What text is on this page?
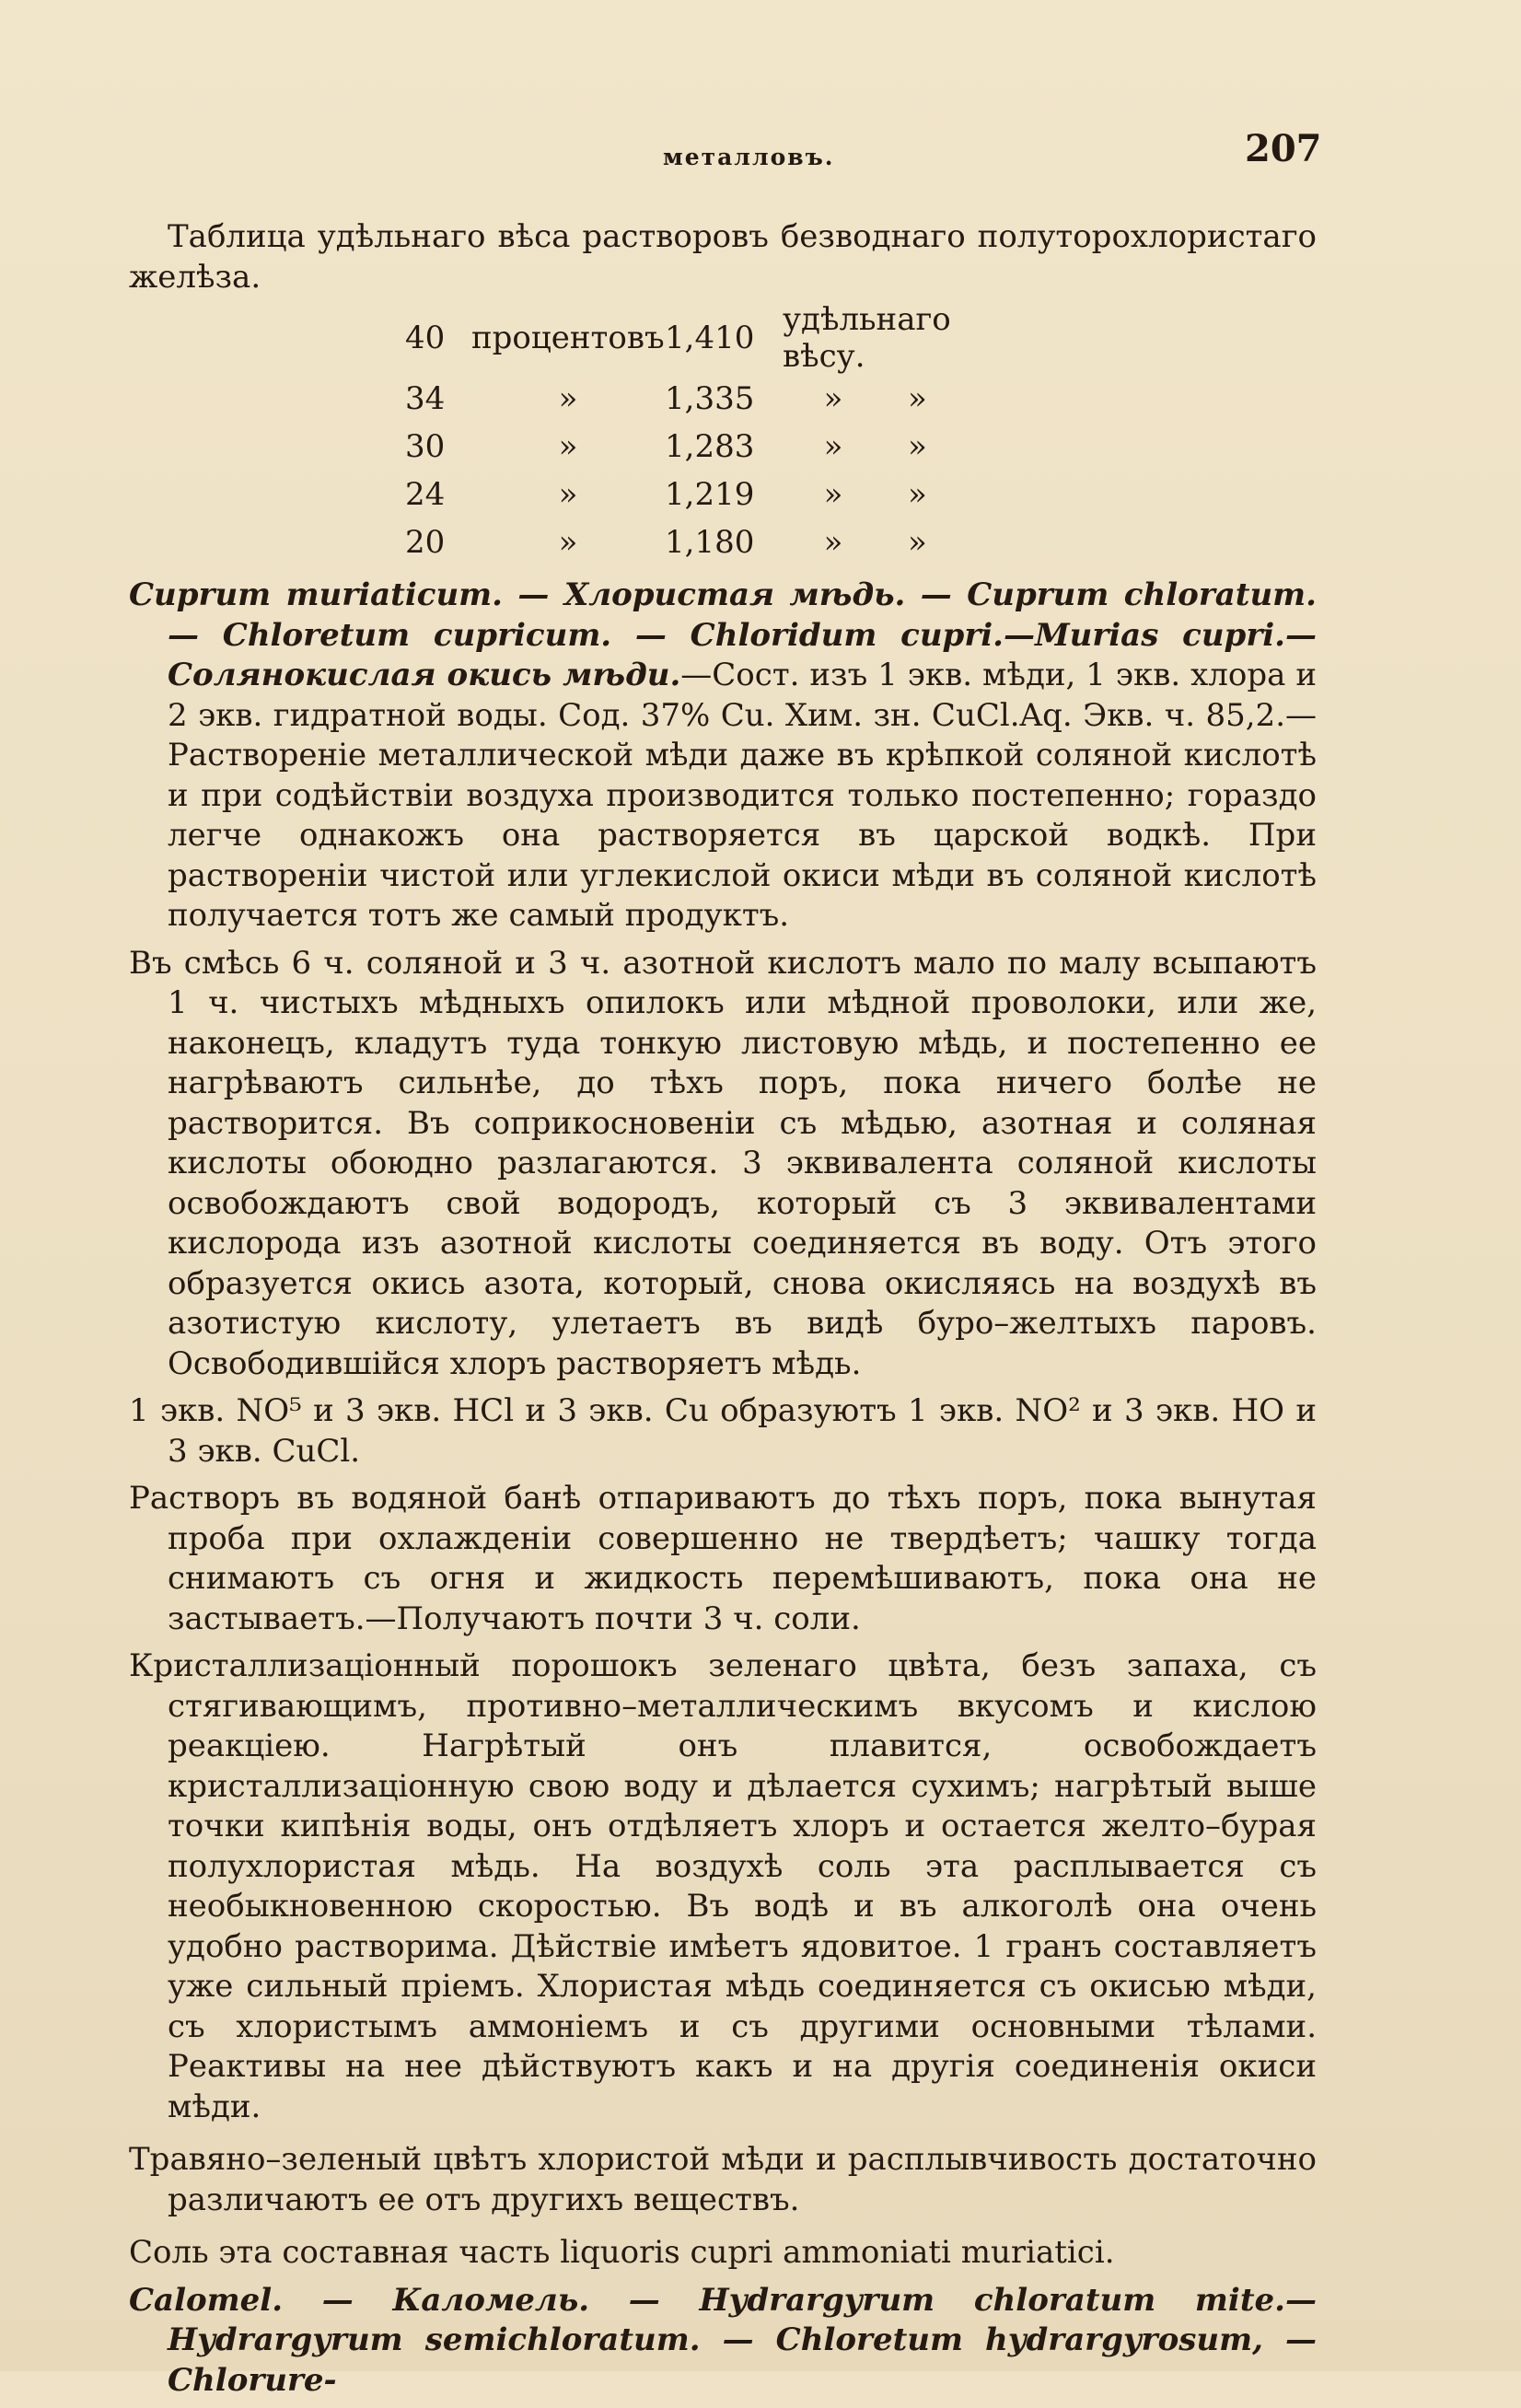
металловъ.	207

Таблица удѣльнаго вѣса растворовъ безводнаго полуторохлористаго желѣза.

40	процентовъ	1,410	удѣльнаго вѣсу.	
34	»	1,335	»	»
30	»	1,283	»	»
24	»	1,219	»	»
20	»	1,180	»	»

Cuprum muriaticum. — Хлористая мѣдь. — Cuprum chloratum.— Chloretum cupricum. — Chloridum cupri.—Murias cupri.—Солянокислая окись мѣди.—Сост. изъ 1 экв. мѣди, 1 экв. хлора и 2 экв. гидратной воды. Сод. 37% Cu. Хим. зн. CuCl.Aq. Экв. ч. 85,2.—Растворенiе металлической мѣди даже въ крѣпкой соляной кислотѣ и при содѣйствiи воздуха производится только постепенно; гораздо легче однакожъ она растворяется въ царской водкѣ. При растворенiи чистой или углекислой окиси мѣди въ соляной кислотѣ получается тотъ же самый продуктъ.

Въ смѣсь 6 ч. соляной и 3 ч. азотной кислотъ мало по малу всыпаютъ 1 ч. чистыхъ мѣдныхъ опилокъ или мѣдной проволоки, или же, наконецъ, кладутъ туда тонкую листовую мѣдь, и постепенно ее нагрѣваютъ сильнѣе, до тѣхъ поръ, пока ничего болѣе не растворится. Въ соприкосновенiи съ мѣдью, азотная и соляная кислоты обоюдно разлагаются. 3 эквивалента соляной кислоты освобождаютъ свой водородъ, который съ 3 эквивалентами кислорода изъ азотной кислоты соединяется въ воду. Отъ этого образуется окись азота, который, снова окисляясь на воздухѣ въ азотистую кислоту, улетаетъ въ видѣ буро–желтыхъ паровъ. Освободившiйся хлоръ растворяетъ мѣдь.

1 экв. NO⁵ и 3 экв. HCl и 3 экв. Cu образуютъ 1 экв. NO² и 3 экв. HO и 3 экв. CuCl.

Растворъ въ водяной банѣ отпариваютъ до тѣхъ поръ, пока вынутая проба при охлажденiи совершенно не твердѣетъ; чашку тогда снимаютъ съ огня и жидкость перемѣшиваютъ, пока она не застываетъ.—Получаютъ почти 3 ч. соли.

Кристаллизацiонный порошокъ зеленаго цвѣта, безъ запаха, съ стягивающимъ, противно–металлическимъ вкусомъ и кислою реакцiею. Нагрѣтый онъ плавится, освобождаетъ кристаллизацiонную свою воду и дѣлается сухимъ; нагрѣтый выше точки кипѣнiя воды, онъ отдѣляетъ хлоръ и остается желто–бурая полухлористая мѣдь. На воздухѣ соль эта расплывается съ необыкновенною скоростью. Въ водѣ и въ алкоголѣ она очень удобно растворима. Дѣйствiе имѣетъ ядовитое. 1 гранъ составляетъ уже сильный прiемъ. Хлористая мѣдь соединяется съ окисью мѣди, съ хлористымъ аммонiемъ и съ другими основными тѣлами. Реактивы на нее дѣйствуютъ какъ и на другiя соединенiя окиси мѣди.

Травяно–зеленый цвѣтъ хлористой мѣди и расплывчивость достаточно различаютъ ее отъ другихъ веществъ.

Соль эта составная часть liquoris cupri ammoniati muriatici.

Calomel. — Каломель. — Hydrargyrum chloratum mite.—Hydrargyrum semichloratum. — Chloretum hydrargyrosum, — Chlorure-
